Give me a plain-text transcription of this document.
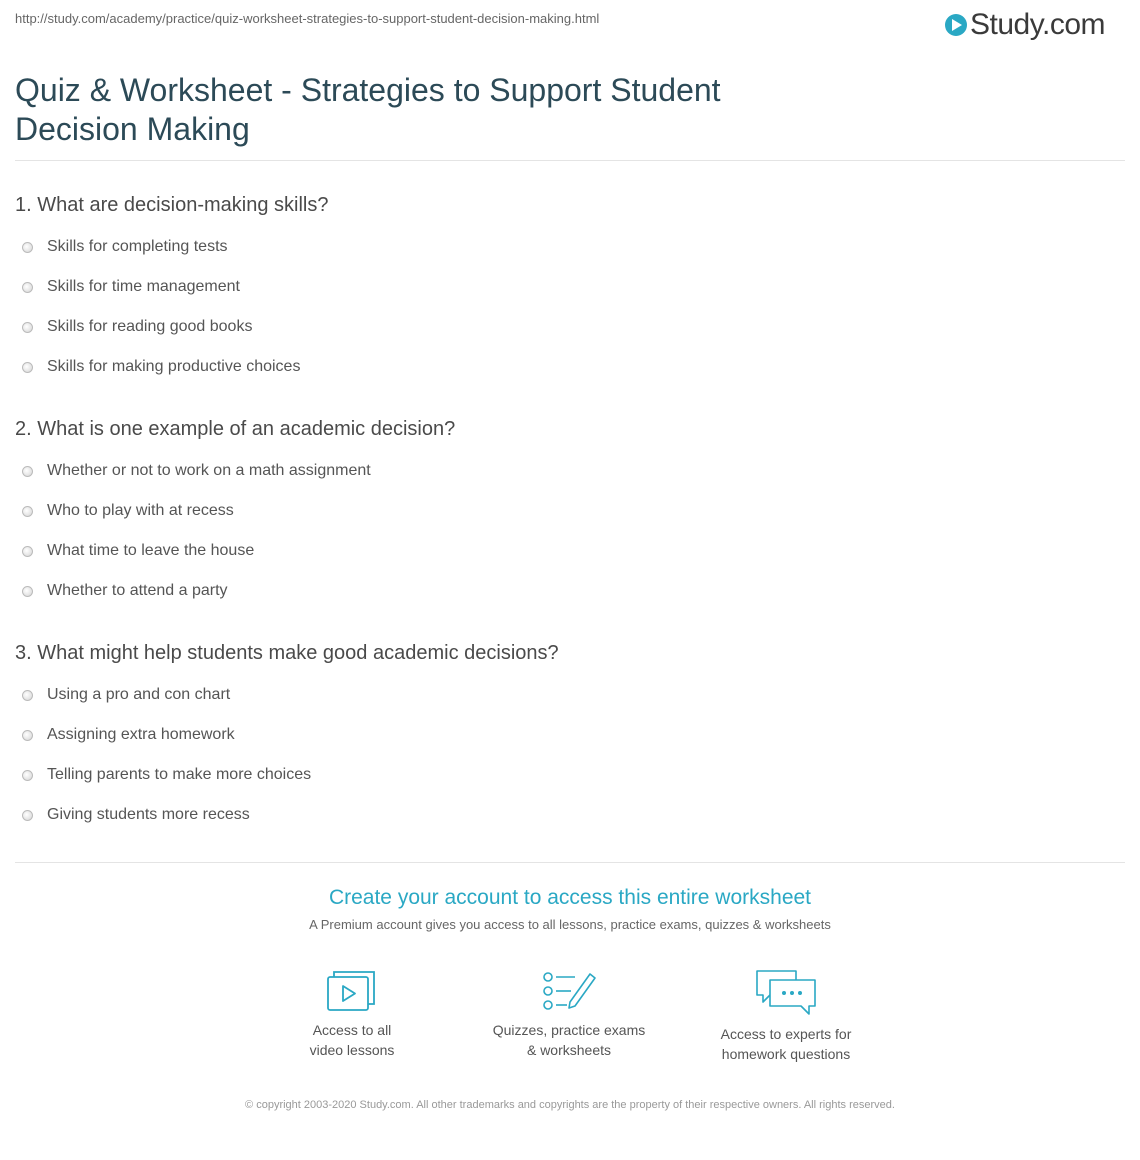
http://study.com/academy/practice/quiz-worksheet-strategies-to-support-student-decision-making.html	Study.com
Quiz & Worksheet - Strategies to Support Student Decision Making
1. What are decision-making skills?
Skills for completing tests
Skills for time management
Skills for reading good books
Skills for making productive choices
2. What is one example of an academic decision?
Whether or not to work on a math assignment
Who to play with at recess
What time to leave the house
Whether to attend a party
3. What might help students make good academic decisions?
Using a pro and con chart
Assigning extra homework
Telling parents to make more choices
Giving students more recess
Create your account to access this entire worksheet
A Premium account gives you access to all lessons, practice exams, quizzes & worksheets
Access to all
video lessons
Quizzes, practice exams
& worksheets
Access to experts for
homework questions
© copyright 2003-2020 Study.com. All other trademarks and copyrights are the property of their respective owners. All rights reserved.
